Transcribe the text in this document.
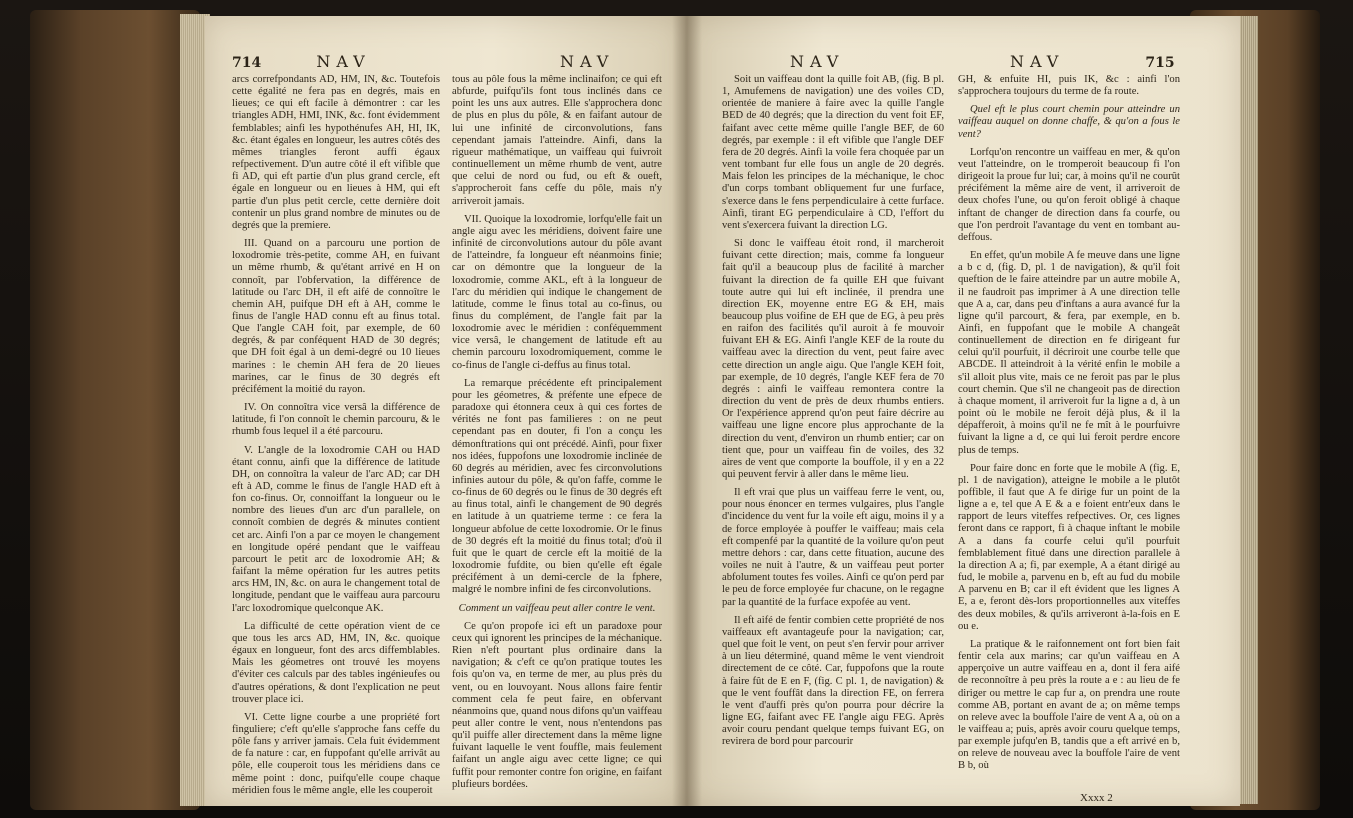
714	NAV	NAV	NAV	NAV	715

arcs correfpondants AD, HM, IN, &c. Toutefois cette égalité ne fera pas en degrés, mais en lieues; ce qui eft facile à démontrer : car les triangles ADH, HMI, INK, &c. font évidemment femblables; ainfi les hypothénufes AH, HI, IK, &c. étant égales en longueur, les autres côtés des mêmes triangles feront auffi égaux refpectivement. D'un autre côté il eft vifible que fi AD, qui eft partie d'un plus grand cercle, eft égale en longueur ou en lieues à HM, qui eft partie d'un plus petit cercle, cette dernière doit contenir un plus grand nombre de minutes ou de degrés que la premiere.

III. Quand on a parcouru une portion de loxodromie très-petite, comme AH, en fuivant un même rhumb, & qu'étant arrivé en H on connoît, par l'obfervation, la différence de latitude ou l'arc DH, il eft aifé de connoître le chemin AH, puifque DH eft à AH, comme le finus de l'angle HAD connu eft au finus total. Que l'angle CAH foit, par exemple, de 60 degrés, & par conféquent HAD de 30 degrés; que DH foit égal à un demi-degré ou 10 lieues marines : le chemin AH fera de 20 lieues marines, car le finus de 30 degrés eft précifément la moitié du rayon.

IV. On connoîtra vice versâ la différence de latitude, fi l'on connoît le chemin parcouru, & le rhumb fous lequel il a été parcouru.

V. L'angle de la loxodromie CAH ou HAD étant connu, ainfi que la différence de latitude DH, on connoîtra la valeur de l'arc AD; car DH eft à AD, comme le finus de l'angle HAD eft à fon co-finus. Or, connoiffant la longueur ou le nombre des lieues d'un arc d'un parallele, on connoît combien de degrés & minutes contient cet arc. Ainfi l'on a par ce moyen le changement en longitude opéré pendant que le vaiffeau parcourt le petit arc de loxodromie AH; & faifant la même opération fur les autres petits arcs HM, IN, &c. on aura le changement total de longitude, pendant que le vaiffeau aura parcouru l'arc loxodromique quelconque AK.

La difficulté de cette opération vient de ce que tous les arcs AD, HM, IN, &c. quoique égaux en longueur, font des arcs diffemblables. Mais les géometres ont trouvé les moyens d'éviter ces calculs par des tables ingénieufes ou d'autres opérations, & dont l'explication ne peut trouver place ici.

VI. Cette ligne courbe a une propriété fort finguliere; c'eft qu'elle s'approche fans ceffe du pôle fans y arriver jamais. Cela fuit évidemment de fa nature : car, en fuppofant qu'elle arrivât au pôle, elle couperoit tous les méridiens dans ce même point : donc, puifqu'elle coupe chaque méridien fous le même angle, elle les couperoit

tous au pôle fous la même inclinaifon; ce qui eft abfurde, puifqu'ils font tous inclinés dans ce point les uns aux autres. Elle s'approchera donc de plus en plus du pôle, & en faifant autour de lui une infinité de circonvolutions, fans cependant jamais l'atteindre. Ainfi, dans la rigueur mathématique, un vaiffeau qui fuivroit continuellement un même rhumb de vent, autre que celui de nord ou fud, ou eft & oueft, s'approcheroit fans ceffe du pôle, mais n'y arriveroit jamais.

VII. Quoique la loxodromie, lorfqu'elle fait un angle aigu avec les méridiens, doivent faire une infinité de circonvolutions autour du pôle avant de l'atteindre, fa longueur eft néanmoins finie; car on démontre que la longueur de la loxodromie, comme AKL, eft à la longueur de l'arc du méridien qui indique le changement de latitude, comme le finus total au co-finus, ou finus du complément, de l'angle fait par la loxodromie avec le méridien : conféquemment vice versâ, le changement de latitude eft au chemin parcouru loxodromiquement, comme le co-finus de l'angle ci-deffus au finus total.

La remarque précédente eft principalement pour les géometres, & préfente une efpece de paradoxe qui étonnera ceux à qui ces fortes de vérités ne font pas familieres : on ne peut cependant pas en douter, fi l'on a conçu les démonftrations qui ont précédé. Ainfi, pour fixer nos idées, fuppofons une loxodromie inclinée de 60 degrés au méridien, avec fes circonvolutions infinies autour du pôle, & qu'on faffe, comme le co-finus de 60 degrés ou le finus de 30 degrés eft au finus total, ainfi le changement de 90 degrés en latitude à un quatrieme terme : ce fera la longueur abfolue de cette loxodromie. Or le finus de 30 degrés eft la moitié du finus total; d'où il fuit que le quart de cercle eft la moitié de la loxodromie fufdite, ou bien qu'elle eft égale précifément à un demi-cercle de la fphere, malgré le nombre infini de fes circonvolutions.

Comment un vaiffeau peut aller contre le vent.

Ce qu'on propofe ici eft un paradoxe pour ceux qui ignorent les principes de la méchanique. Rien n'eft pourtant plus ordinaire dans la navigation; & c'eft ce qu'on pratique toutes les fois qu'on va, en terme de mer, au plus près du vent, ou en louvoyant. Nous allons faire fentir comment cela fe peut faire, en obfervant néanmoins que, quand nous difons qu'un vaiffeau peut aller contre le vent, nous n'entendons pas qu'il puiffe aller directement dans la même ligne fuivant laquelle le vent fouffle, mais feulement faifant un angle aigu avec cette ligne; ce qui fuffit pour remonter contre fon origine, en faifant plufieurs bordées.

Soit un vaiffeau dont la quille foit AB, (fig. B pl. 1, Amufemens de navigation) une des voiles CD, orientée de maniere à faire avec la quille l'angle BED de 40 degrés; que la direction du vent foit EF, faifant avec cette même quille l'angle BEF, de 60 degrés, par exemple : il eft vifible que l'angle DEF fera de 20 degrés. Ainfi la voile fera choquée par un vent tombant fur elle fous un angle de 20 degrés. Mais felon les principes de la méchanique, le choc d'un corps tombant obliquement fur une furface, s'exerce dans le fens perpendiculaire à cette furface. Ainfi, tirant EG perpendiculaire à CD, l'effort du vent s'exercera fuivant la direction LG.

Si donc le vaiffeau étoit rond, il marcheroit fuivant cette direction; mais, comme fa longueur fait qu'il a beaucoup plus de facilité à marcher fuivant la direction de fa quille EH que fuivant toute autre qui lui eft inclinée, il prendra une direction EK, moyenne entre EG & EH, mais beaucoup plus voifine de EH que de EG, à peu près en raifon des facilités qu'il auroit à fe mouvoir fuivant EH & EG. Ainfi l'angle KEF de la route du vaiffeau avec la direction du vent, peut faire avec cette direction un angle aigu. Que l'angle KEH foit, par exemple, de 10 degrés, l'angle KEF fera de 70 degrés : ainfi le vaiffeau remontera contre la direction du vent de près de deux rhumbs entiers. Or l'expérience apprend qu'on peut faire décrire au vaiffeau une ligne encore plus approchante de la direction du vent, d'environ un rhumb entier; car on tient que, pour un vaiffeau fin de voiles, des 32 aires de vent que comporte la bouffole, il y en a 22 qui peuvent fervir à aller dans le même lieu.

Il eft vrai que plus un vaiffeau ferre le vent, ou, pour nous énoncer en termes vulgaires, plus l'angle d'incidence du vent fur la voile eft aigu, moins il y a de force employée à pouffer le vaiffeau; mais cela eft compenfé par la quantité de la voilure qu'on peut mettre dehors : car, dans cette fituation, aucune des voiles ne nuit à l'autre, & un vaiffeau peut porter abfolument toutes fes voiles. Ainfi ce qu'on perd par le peu de force employée fur chacune, on le regagne par la quantité de la furface expofée au vent.

Il eft aifé de fentir combien cette propriété de nos vaiffeaux eft avantageufe pour la navigation; car, quel que foit le vent, on peut s'en fervir pour arriver à un lieu déterminé, quand même le vent viendroit directement de ce côté. Car, fuppofons que la route à faire fût de E en F, (fig. C pl. 1, de navigation) & que le vent fouffât dans la direction FE, on ferrera le vent d'auffi près qu'on pourra pour décrire la ligne EG, faifant avec FE l'angle aigu FEG. Après avoir couru pendant quelque temps fuivant EG, on revirera de bord pour parcourir

GH, & enfuite HI, puis IK, &c : ainfi l'on s'approchera toujours du terme de fa route.

Quel eft le plus court chemin pour atteindre un vaiffeau auquel on donne chaffe, & qu'on a fous le vent?

Lorfqu'on rencontre un vaiffeau en mer, & qu'on veut l'atteindre, on le tromperoit beaucoup fi l'on dirigeoit la proue fur lui; car, à moins qu'il ne courût précifément la même aire de vent, il arriveroit de deux chofes l'une, ou qu'on feroit obligé à chaque inftant de changer de direction dans fa courfe, ou que l'on perdroit l'avantage du vent en tombant au-deffous.

En effet, qu'un mobile A fe meuve dans une ligne a b c d, (fig. D, pl. 1 de navigation), & qu'il foit queftion de le faire atteindre par un autre mobile A, il ne faudroit pas imprimer à A une direction telle que A a, car, dans peu d'inftans a aura avancé fur la ligne qu'il parcourt, & fera, par exemple, en b. Ainfi, en fuppofant que le mobile A changeât continuellement de direction en fe dirigeant fur celui qu'il pourfuit, il décriroit une courbe telle que ABCDE. Il atteindroit à la vérité enfin le mobile a s'il alloit plus vite, mais ce ne feroit pas par le plus court chemin. Que s'il ne changeoit pas de direction à chaque moment, il arriveroit fur la ligne a d, à un point où le mobile ne feroit déjà plus, & il la dépafferoit, à moins qu'il ne fe mît à le pourfuivre fuivant la ligne a d, ce qui lui feroit perdre encore plus de temps.

Pour faire donc en forte que le mobile A (fig. E, pl. 1 de navigation), atteigne le mobile a le plutôt poffible, il faut que A fe dirige fur un point de la ligne a e, tel que A E & a e foient entr'eux dans le rapport de leurs viteffes refpectives. Or, ces lignes feront dans ce rapport, fi à chaque inftant le mobile A a dans fa courfe celui qu'il pourfuit femblablement fitué dans une direction parallele à la direction A a; fi, par exemple, A a étant dirigé au fud, le mobile a, parvenu en b, eft au fud du mobile A parvenu en B; car il eft évident que les lignes A E, a e, feront dès-lors proportionnelles aux viteffes des deux mobiles, & qu'ils arriveront à-la-fois en E ou e.

La pratique & le raifonnement ont fort bien fait fentir cela aux marins; car qu'un vaiffeau en A apperçoive un autre vaiffeau en a, dont il fera aifé de reconnoître à peu près la route a e : au lieu de fe diriger ou mettre le cap fur a, on prendra une route comme AB, portant en avant de a; on même temps on releve avec la bouffole l'aire de vent A a, où on a le vaiffeau a; puis, après avoir couru quelque temps, par exemple jufqu'en B, tandis que a eft arrivé en b, on releve de nouveau avec la bouffole l'aire de vent B b, où

Xxxx 2
